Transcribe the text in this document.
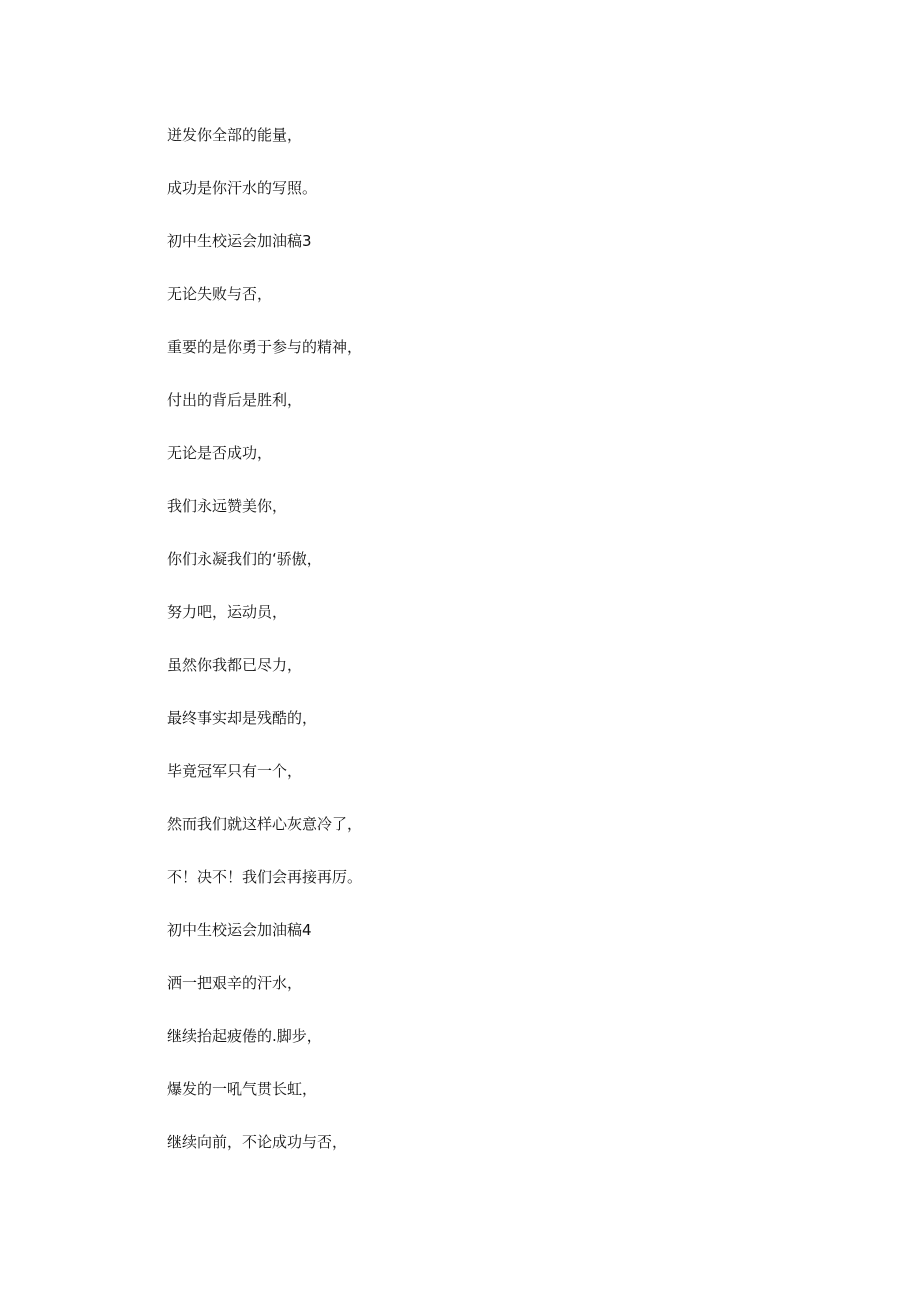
迸发你全部的能量，
成功是你汗水的写照。
初中生校运会加油稿3
无论失败与否，
重要的是你勇于参与的精神，
付出的背后是胜利，
无论是否成功，
我们永远赞美你，
你们永凝我们的‘骄傲，
努力吧，运动员，
虽然你我都已尽力，
最终事实却是残酷的，
毕竟冠军只有一个，
然而我们就这样心灰意冷了，
不！决不！我们会再接再厉。
初中生校运会加油稿4
洒一把艰辛的汗水，
继续抬起疲倦的.脚步，
爆发的一吼气贯长虹，
继续向前，不论成功与否，
